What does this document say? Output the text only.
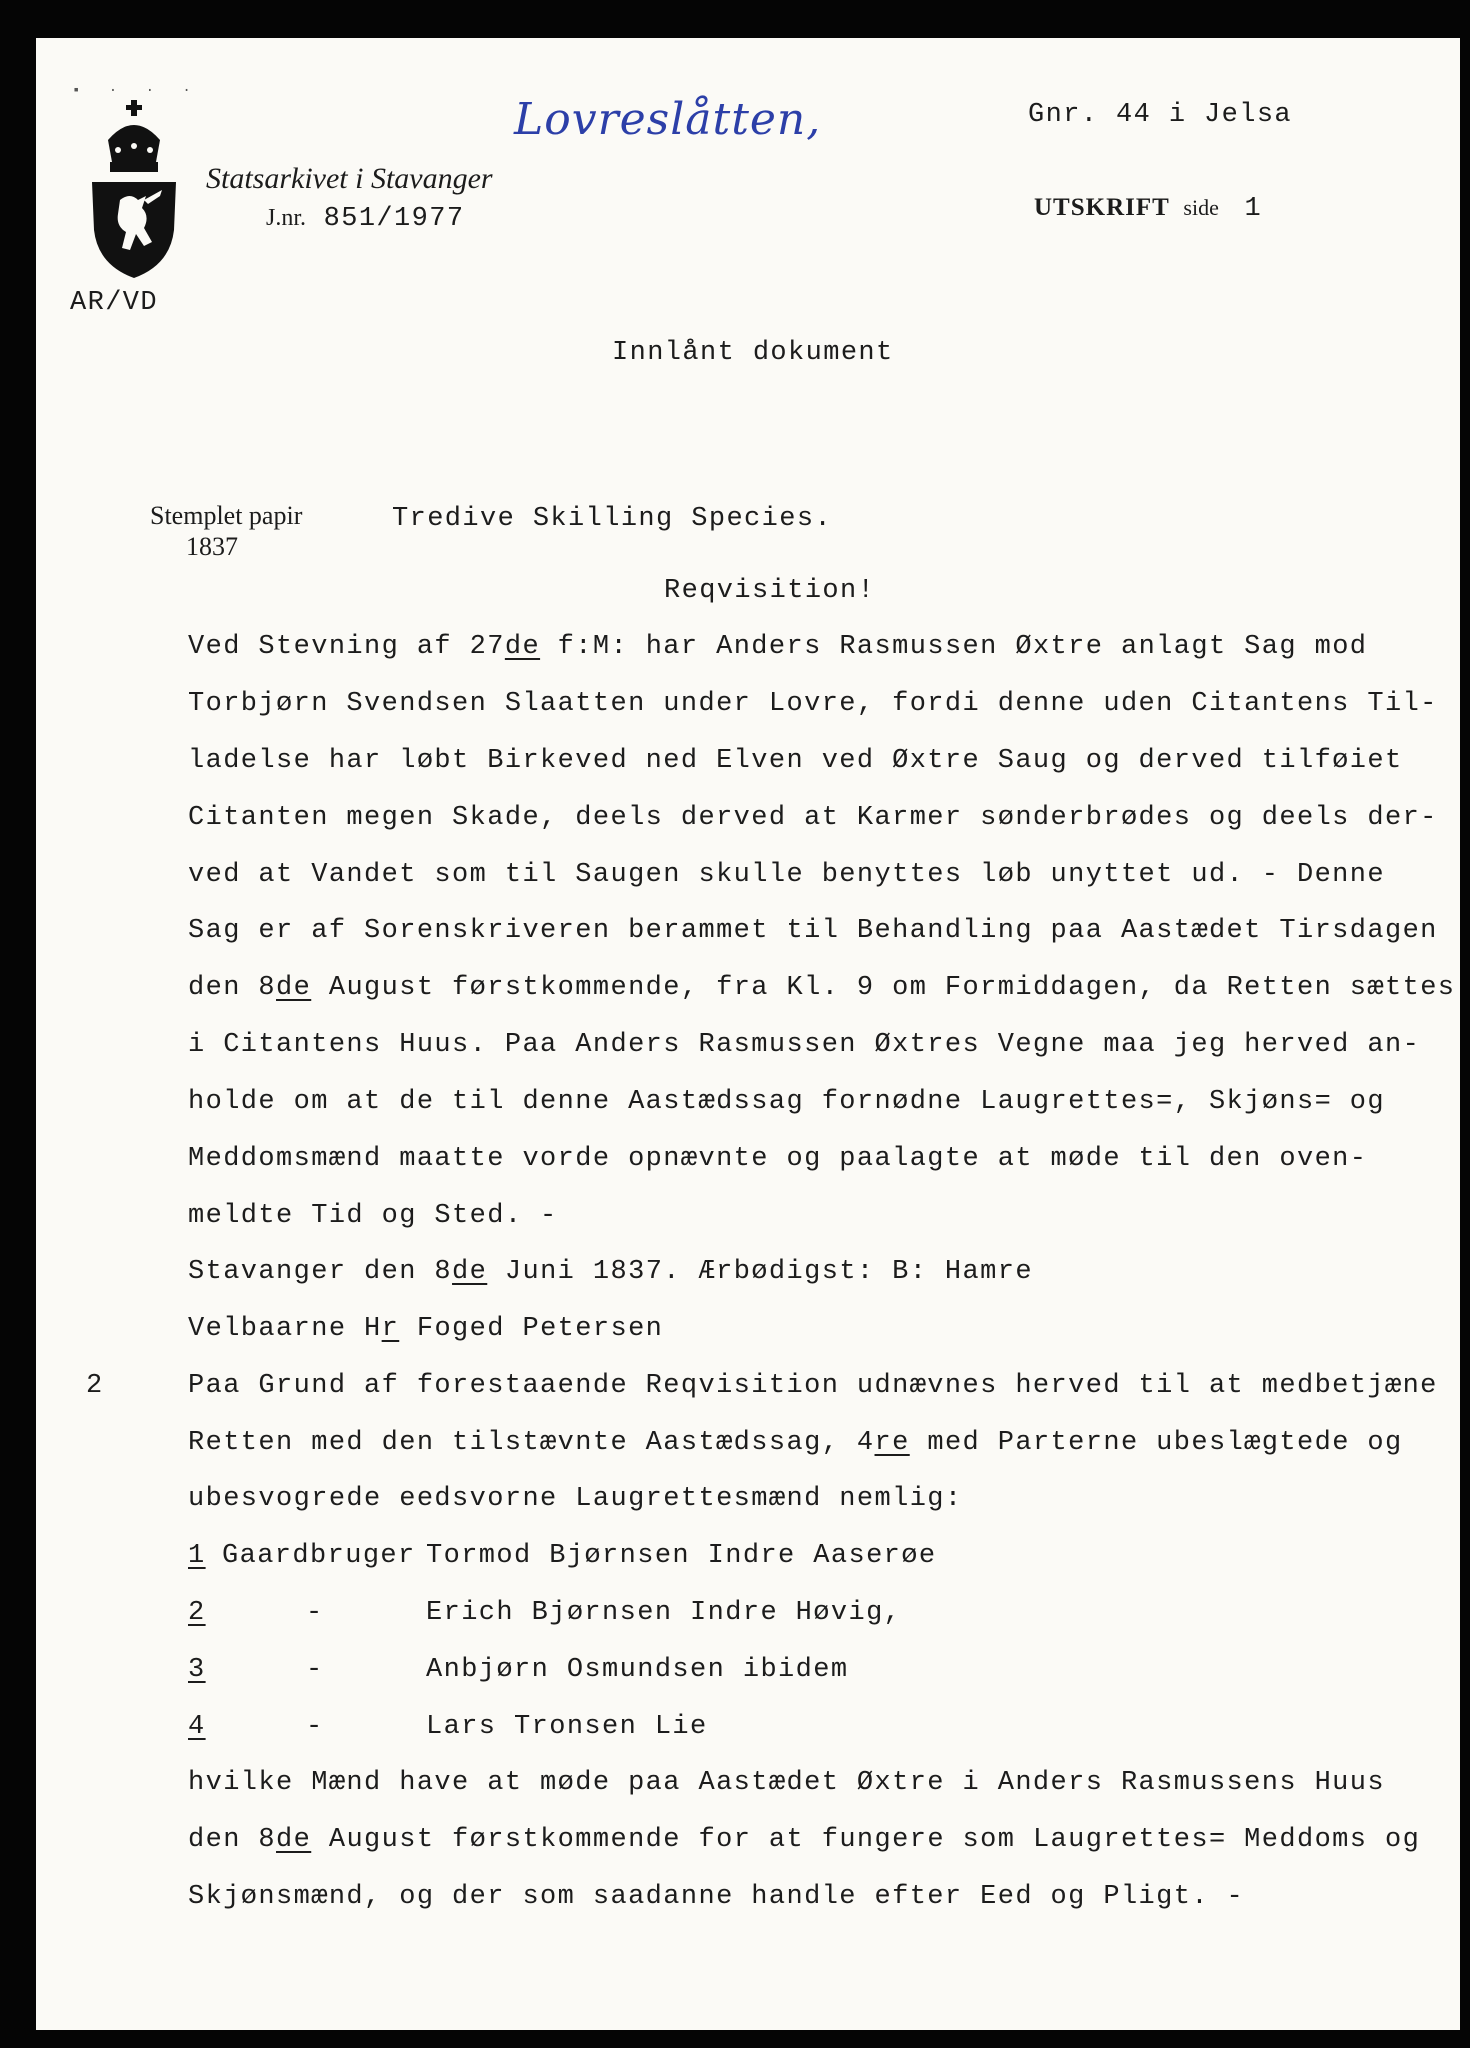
▪ · · ·
Lovreslåtten,	Gnr. 44 i Jelsa
Statsarkivet i Stavanger
J.nr. 851/1977	UTSKRIFT side 1
AR/VD
Innlånt dokument
Stemplet papir
1837
Tredive Skilling Species.
Reqvisition!
Ved Stevning af 27de f:M: har Anders Rasmussen Øxtre anlagt Sag mod
Torbjørn Svendsen Slaatten under Lovre, fordi denne uden Citantens Til-
ladelse har løbt Birkeved ned Elven ved Øxtre Saug og derved tilføiet
Citanten megen Skade, deels derved at Karmer sønderbrødes og deels der-
ved at Vandet som til Saugen skulle benyttes løb unyttet ud. - Denne
Sag er af Sorenskriveren berammet til Behandling paa Aastædet Tirsdagen
den 8de August førstkommende, fra Kl. 9 om Formiddagen, da Retten sættes
i Citantens Huus. Paa Anders Rasmussen Øxtres Vegne maa jeg herved an-
holde om at de til denne Aastædssag fornødne Laugrettes=, Skjøns= og
Meddomsmænd maatte vorde opnævnte og paalagte at møde til den oven-
meldte Tid og Sted. -
Stavanger den 8de Juni 1837. Ærbødigst: B: Hamre
Velbaarne Hr Foged Petersen
2	Paa Grund af forestaaende Reqvisition udnævnes herved til at medbetjæne
Retten med den tilstævnte Aastædssag, 4re med Parterne ubeslægtede og
ubesvogrede eedsvorne Laugrettesmænd nemlig:
1 Gaardbruger Tormod Bjørnsen Indre Aaserøe
2	-	Erich Bjørnsen Indre Høvig,
3	-	Anbjørn Osmundsen ibidem
4	-	Lars Tronsen Lie
hvilke Mænd have at møde paa Aastædet Øxtre i Anders Rasmussens Huus
den 8de August førstkommende for at fungere som Laugrettes= Meddoms og
Skjønsmænd, og der som saadanne handle efter Eed og Pligt. -
